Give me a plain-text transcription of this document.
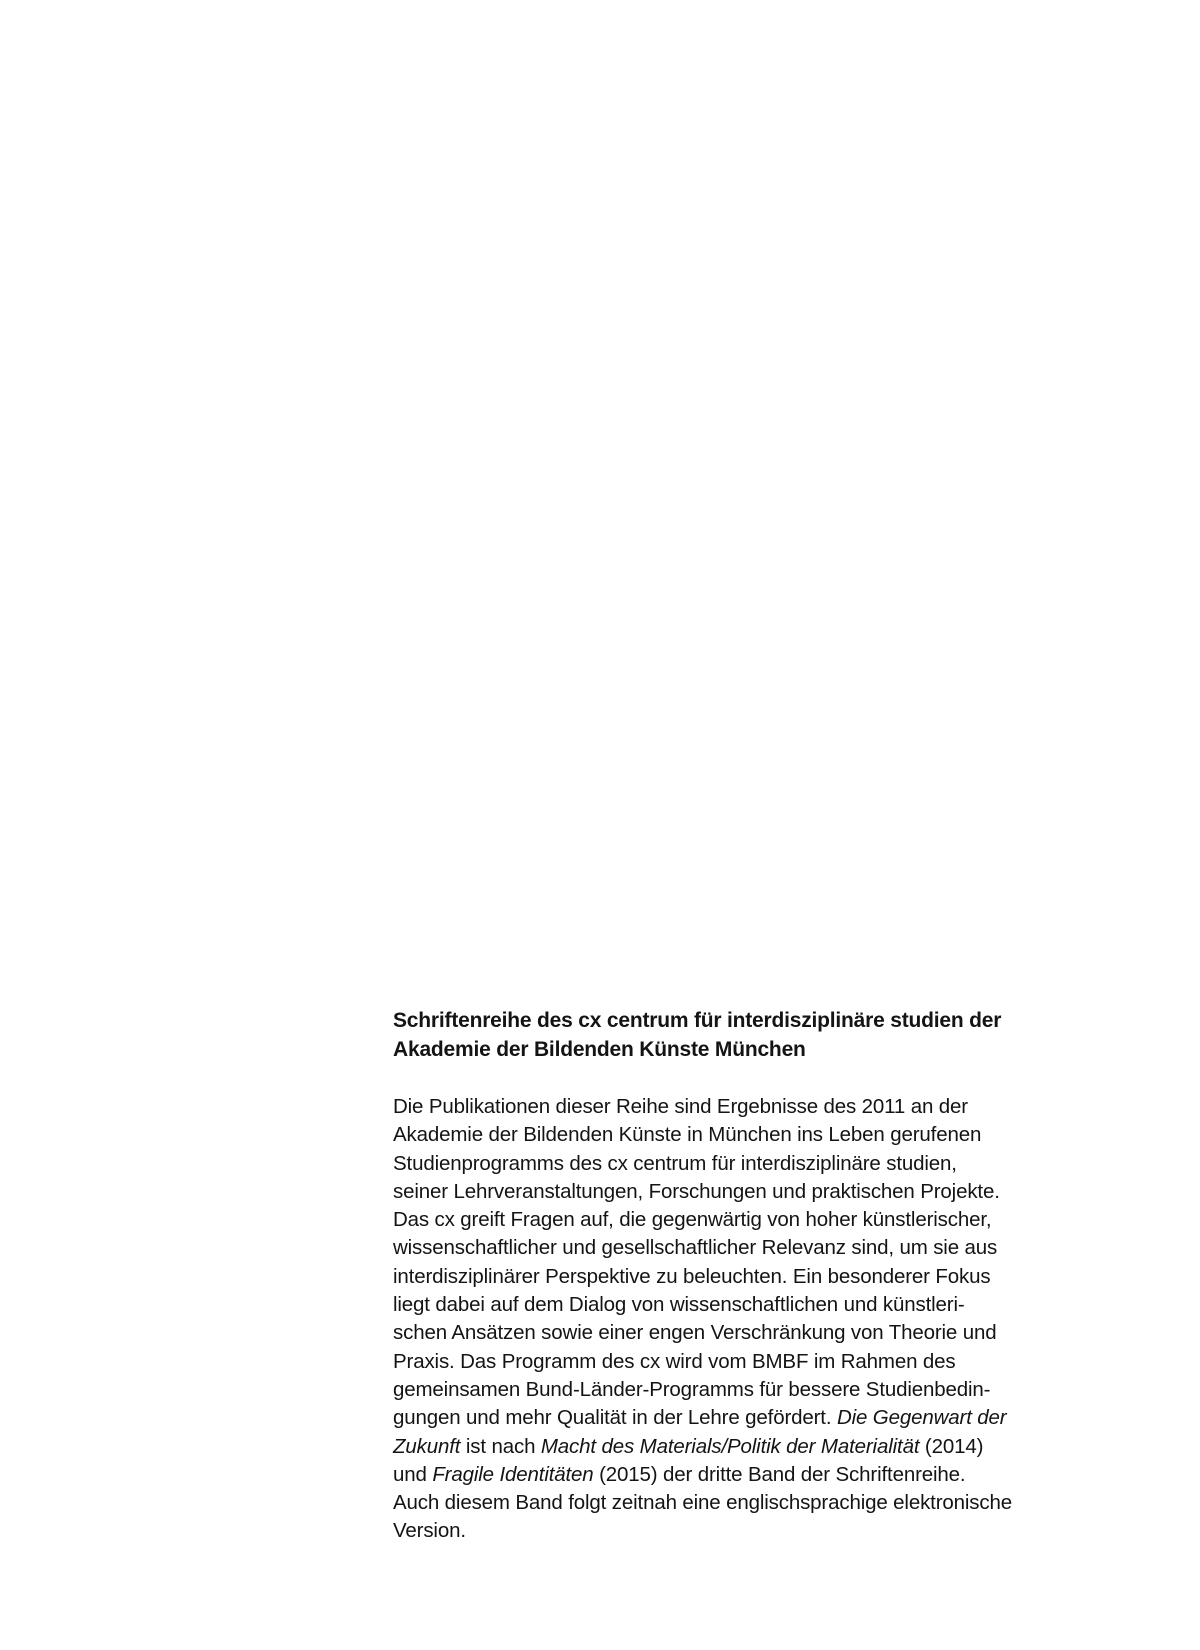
Schriftenreihe des cx centrum für interdisziplinäre studien der
Akademie der Bildenden Künste München

Die Publikationen dieser Reihe sind Ergebnisse des 2011 an der
Akademie der Bildenden Künste in München ins Leben gerufenen
Studienprogramms des cx centrum für interdisziplinäre studien,
seiner Lehrveranstaltungen, Forschungen und praktischen Projekte.
Das cx greift Fragen auf, die gegenwärtig von hoher künstlerischer,
wissenschaftlicher und gesellschaftlicher Relevanz sind, um sie aus
interdisziplinärer Perspektive zu beleuchten. Ein besonderer Fokus
liegt dabei auf dem Dialog von wissenschaftlichen und künstleri-
schen Ansätzen sowie einer engen Verschränkung von Theorie und
Praxis. Das Programm des cx wird vom BMBF im Rahmen des
gemeinsamen Bund-Länder-Programms für bessere Studienbedin-
gungen und mehr Qualität in der Lehre gefördert. Die Gegenwart der
Zukunft ist nach Macht des Materials/Politik der Materialität (2014)
und Fragile Identitäten (2015) der dritte Band der Schriftenreihe.
Auch diesem Band folgt zeitnah eine englischsprachige elektronische
Version.
